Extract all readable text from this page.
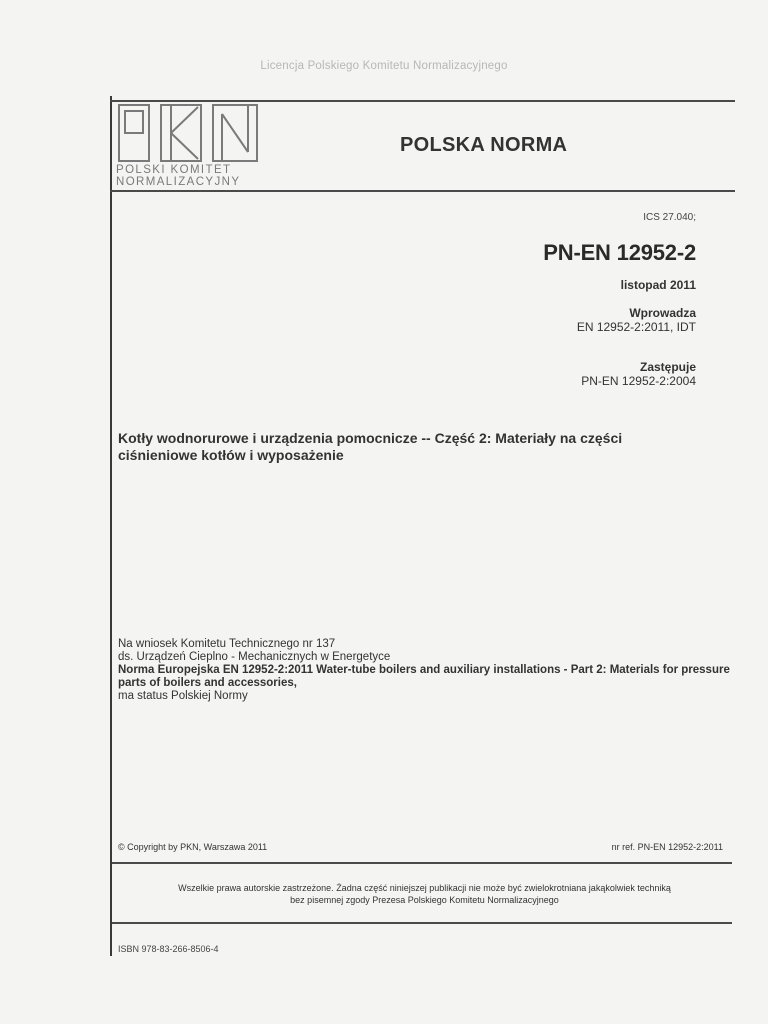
Licencja Polskiego Komitetu Normalizacyjnego
POLSKI KOMITET
NORMALIZACYJNY
POLSKA NORMA
ICS 27.040;
PN-EN 12952-2
listopad 2011
Wprowadza
EN 12952-2:2011, IDT
Zastępuje
PN-EN 12952-2:2004
Kotły wodnorurowe i urządzenia pomocnicze -- Część 2: Materiały na części ciśnieniowe kotłów i wyposażenie
Na wniosek Komitetu Technicznego nr 137
ds. Urządzeń Cieplno - Mechanicznych w Energetyce
Norma Europejska EN 12952-2:2011 Water-tube boilers and auxiliary installations - Part 2: Materials for pressure parts of boilers and accessories,
ma status Polskiej Normy
© Copyright by PKN, Warszawa 2011	nr ref. PN-EN 12952-2:2011
Wszelkie prawa autorskie zastrzeżone. Żadna część niniejszej publikacji nie może być zwielokrotniana jakąkolwiek techniką
bez pisemnej zgody Prezesa Polskiego Komitetu Normalizacyjnego
ISBN 978-83-266-8506-4
